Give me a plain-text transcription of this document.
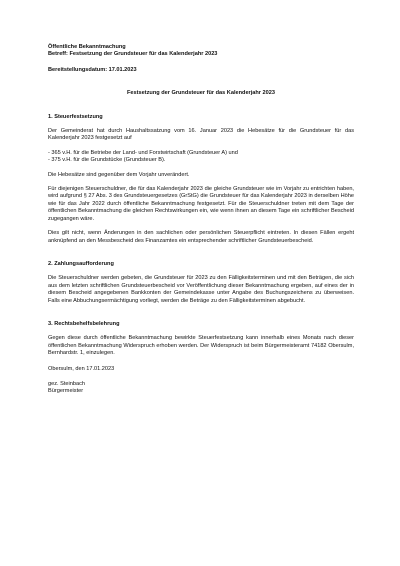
Öffentliche Bekanntmachung

Betreff: Festsetzung der Grundsteuer für das Kalenderjahr 2023

Bereitstellungsdatum: 17.01.2023

Festsetzung der Grundsteuer für das Kalenderjahr 2023

1. Steuerfestsetzung

Der Gemeinderat hat durch Haushaltssatzung vom 16. Januar 2023 die Hebesätze für die Grundsteuer für das Kalenderjahr 2023 festgesetzt auf

- 365 v.H. für die Betriebe der Land- und Forstwirtschaft (Grundsteuer A) und

- 375 v.H. für die Grundstücke (Grundsteuer B).

Die Hebesätze sind gegenüber dem Vorjahr unverändert.

Für diejenigen Steuerschuldner, die für das Kalenderjahr 2023 die gleiche Grundsteuer wie im Vorjahr zu entrichten haben, wird aufgrund § 27 Abs. 3 des Grundsteuergesetzes (GrStG) die Grundsteuer für das Kalenderjahr 2023 in derselben Höhe wie für das Jahr 2022 durch öffentliche Bekanntmachung festgesetzt. Für die Steuerschuldner treten mit dem Tage der öffentlichen Bekanntmachung die gleichen Rechtswirkungen ein, wie wenn ihnen an diesem Tage ein schriftlicher Bescheid zugegangen wäre.

Dies gilt nicht, wenn Änderungen in den sachlichen oder persönlichen Steuerpflicht eintreten. In diesen Fällen ergeht anknüpfend an den Messbescheid des Finanzamtes ein entsprechender schriftlicher Grundsteuerbescheid.

2. Zahlungsaufforderung

Die Steuerschuldner werden gebeten, die Grundsteuer für 2023 zu den Fälligkeitsterminen und mit den Beträgen, die sich aus dem letzten schriftlichen Grundsteuerbescheid vor Veröffentlichung dieser Bekanntmachung ergeben, auf eines der in diesem Bescheid angegebenen Bankkonten der Gemeindekasse unter Angabe des Buchungszeichens zu überweisen. Falls eine Abbuchungsermächtigung vorliegt, werden die Beträge zu den Fälligkeitsterminen abgebucht.

3. Rechtsbehelfsbelehrung

Gegen diese durch öffentliche Bekanntmachung bewirkte Steuerfestsetzung kann innerhalb eines Monats nach dieser öffentlichen Bekanntmachung Widerspruch erhoben werden. Der Widerspruch ist beim Bürgermeisteramt 74182 Obersulm, Bernhardstr. 1, einzulegen.

Obersulm, den 17.01.2023

gez. Steinbach

Bürgermeister
